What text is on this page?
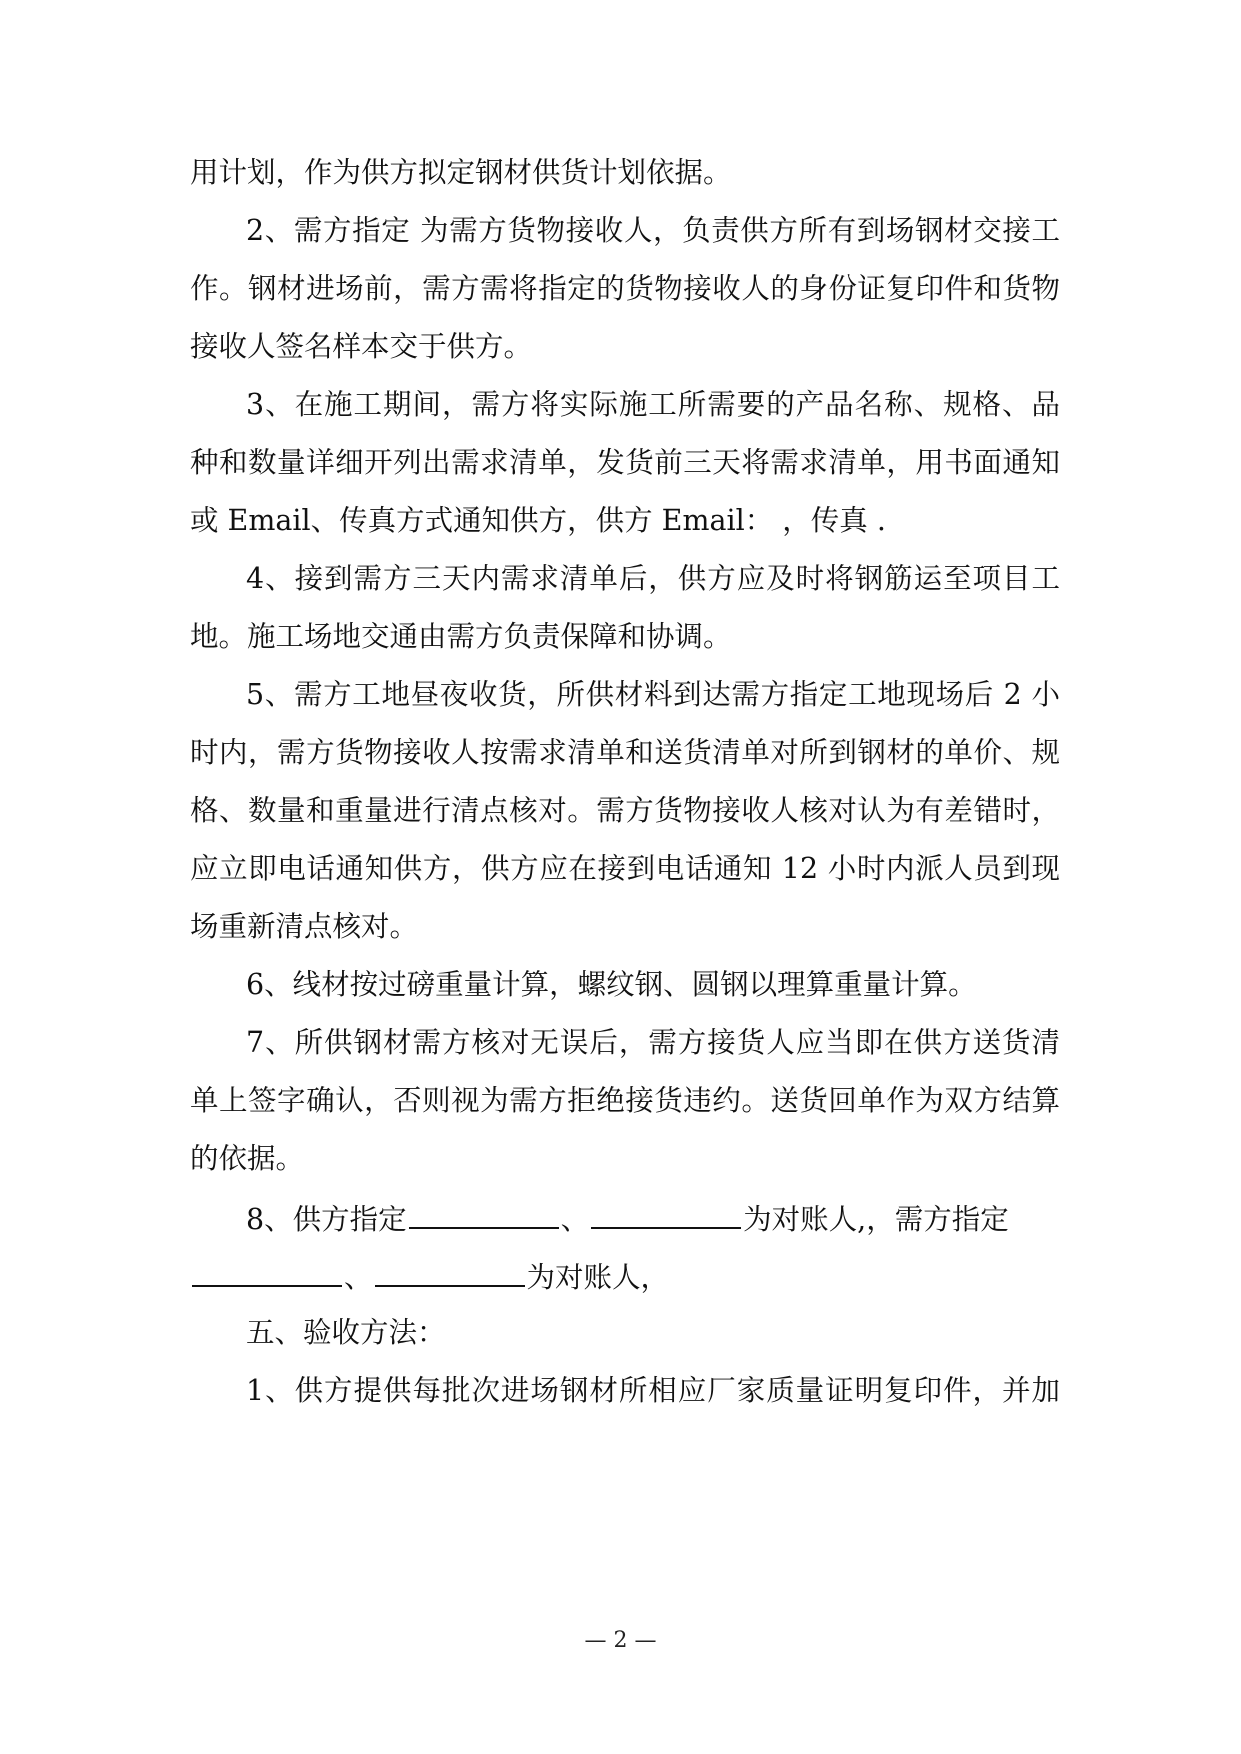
用计划，作为供方拟定钢材供货计划依据。
2、需方指定 为需方货物接收人，负责供方所有到场钢材交接工
作。钢材进场前，需方需将指定的货物接收人的身份证复印件和货物
接收人签名样本交于供方。
3、在施工期间，需方将实际施工所需要的产品名称、规格、品
种和数量详细开列出需求清单，发货前三天将需求清单，用书面通知
或 Email、传真方式通知供方，供方 Email： ，传真 .
4、接到需方三天内需求清单后，供方应及时将钢筋运至项目工
地。施工场地交通由需方负责保障和协调。
5、需方工地昼夜收货，所供材料到达需方指定工地现场后 2 小
时内，需方货物接收人按需求清单和送货清单对所到钢材的单价、规
格、数量和重量进行清点核对。需方货物接收人核对认为有差错时，
应立即电话通知供方，供方应在接到电话通知 12 小时内派人员到现
场重新清点核对。
6、线材按过磅重量计算，螺纹钢、圆钢以理算重量计算。
7、所供钢材需方核对无误后，需方接货人应当即在供方送货清
单上签字确认，否则视为需方拒绝接货违约。送货回单作为双方结算
的依据。
8、供方指定	、	为对账人,，需方指定
、	为对账人，
五、验收方法：
1、供方提供每批次进场钢材所相应厂家质量证明复印件，并加
— 2 —
